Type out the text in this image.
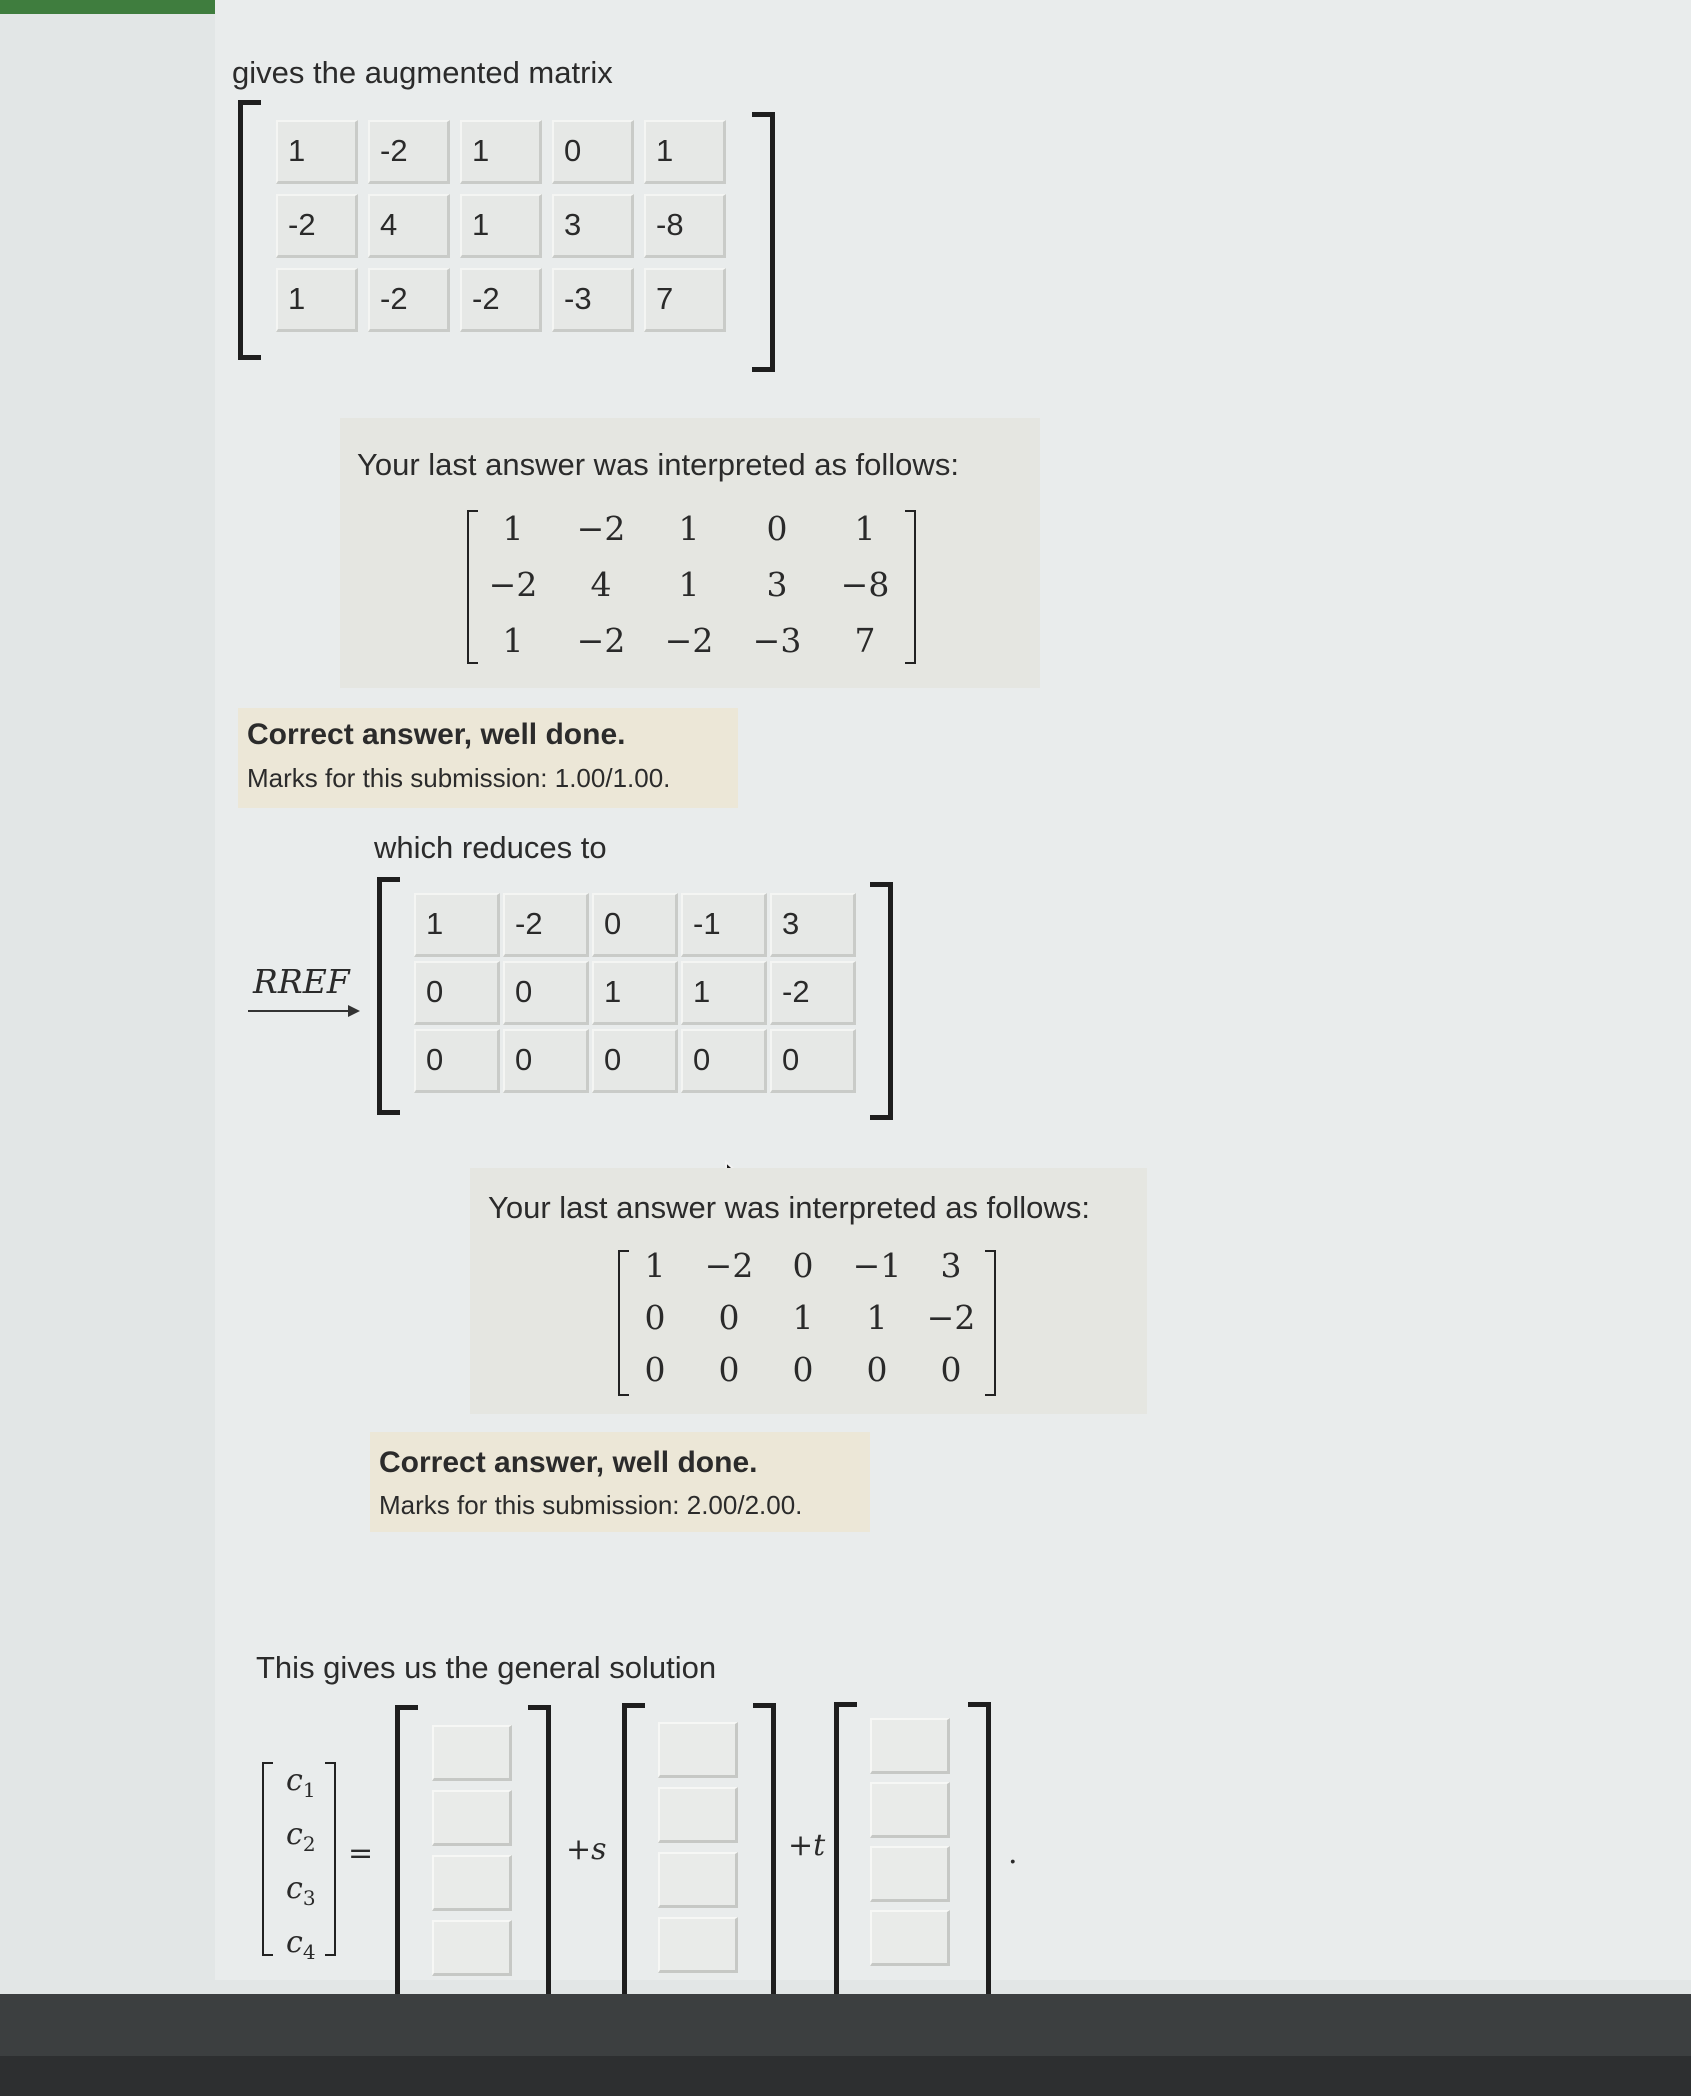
gives the augmented matrix
1	-2	1	0	1
-2	4	1	3	-8
1	-2	-2	-3	7
Your last answer was interpreted as follows:
1	−2	1	0	1
−2	4	1	3	−8
1	−2	−2	−3	7
Correct answer, well done.
Marks for this submission: 1.00/1.00.
which reduces to
RREF
1	-2	0	-1	3
0	0	1	1	-2
0	0	0	0	0
Your last answer was interpreted as follows:
1	−2	0	−1	3
0	0	1	1	−2
0	0	0	0	0
Correct answer, well done.
Marks for this submission: 2.00/2.00.
This gives us the general solution
$c_1$
$c_2$
$c_3$
$c_4$
=	+s	+t	.
